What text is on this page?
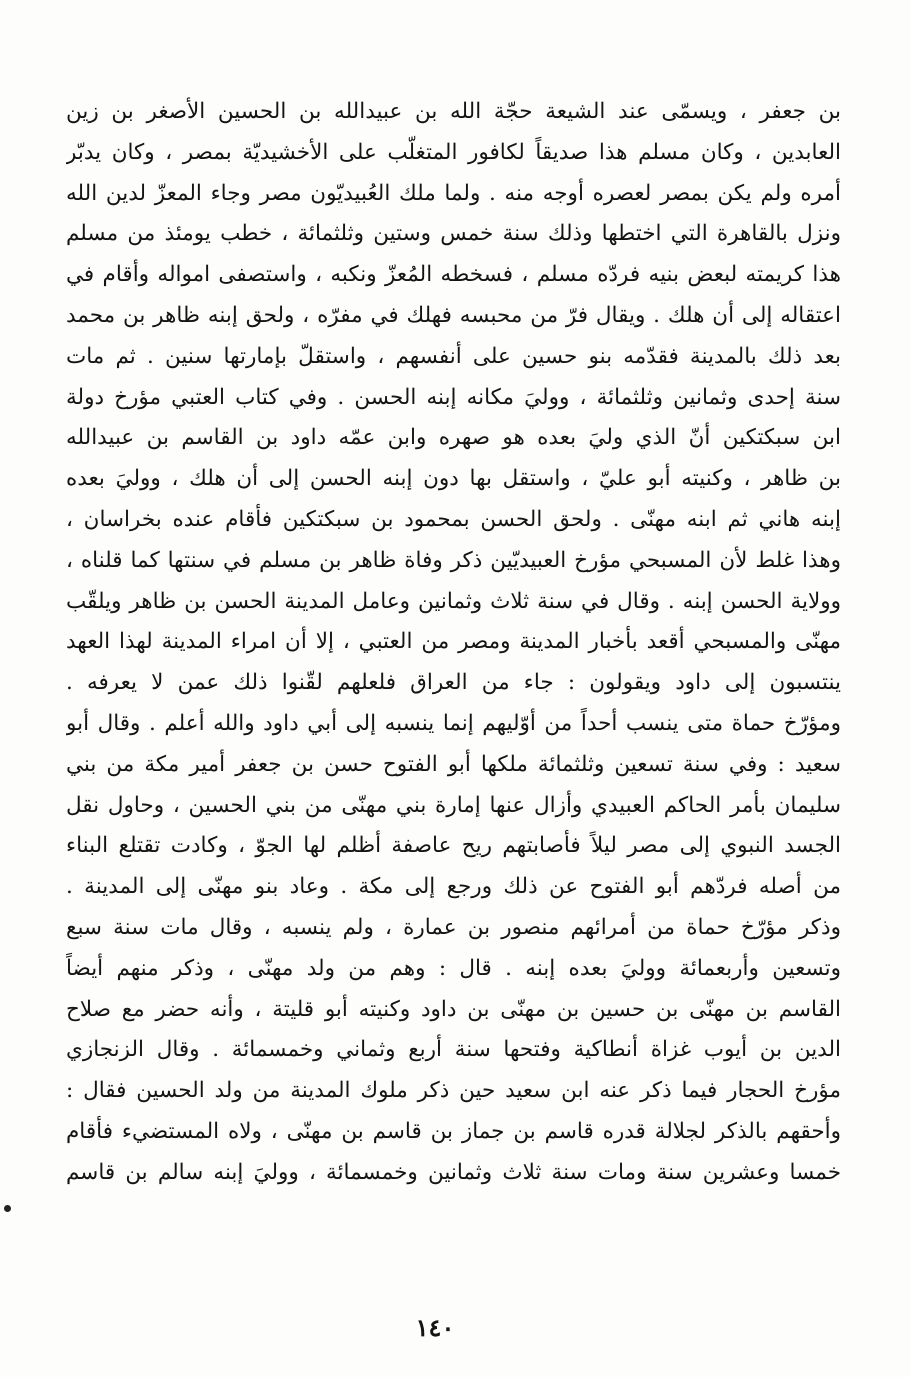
بن جعفر ، ويسمّى عند الشيعة حجّة الله بن عبيدالله بن الحسين الأصغر بن زين
العابدين ، وكان مسلم هذا صديقاً لكافور المتغلّب على الأخشيديّة بمصر ، وكان يدبّر
أمره ولم يكن بمصر لعصره أوجه منه . ولما ملك العُبيديّون مصر وجاء المعزّ لدين الله
ونزل بالقاهرة التي اختطها وذلك سنة خمس وستين وثلثمائة ، خطب يومئذ من مسلم
هذا كريمته لبعض بنيه فردّه مسلم ، فسخطه المُعزّ ونكبه ، واستصفى امواله وأقام في
اعتقاله إلى أن هلك . ويقال فرّ من محبسه فهلك في مفرّه ، ولحق إبنه ظاهر بن محمد
بعد ذلك بالمدينة فقدّمه بنو حسين على أنفسهم ، واستقلّ بإمارتها سنين . ثم مات
سنة إحدى وثمانين وثلثمائة ، ووليَ مكانه إبنه الحسن . وفي كتاب العتبي مؤرخ دولة
ابن سبكتكين أنّ الذي وليَ بعده هو صهره وابن عمّه داود بن القاسم بن عبيدالله
بن ظاهر ، وكنيته أبو عليّ ، واستقل بها دون إبنه الحسن إلى أن هلك ، ووليَ بعده
إبنه هاني ثم ابنه مهنّى . ولحق الحسن بمحمود بن سبكتكين فأقام عنده بخراسان ،
وهذا غلط لأن المسبحي مؤرخ العبيديّين ذكر وفاة ظاهر بن مسلم في سنتها كما قلناه ،
وولاية الحسن إبنه . وقال في سنة ثلاث وثمانين وعامل المدينة الحسن بن ظاهر ويلقّب
مهنّى والمسبحي أقعد بأخبار المدينة ومصر من العتبي ، إلا أن امراء المدينة لهذا العهد
ينتسبون إلى داود ويقولون : جاء من العراق فلعلهم لقّنوا ذلك عمن لا يعرفه .
ومؤرّخ حماة متى ينسب أحداً من أوّليهم إنما ينسبه إلى أبي داود والله أعلم . وقال أبو
سعيد : وفي سنة تسعين وثلثمائة ملكها أبو الفتوح حسن بن جعفر أمير مكة من بني
سليمان بأمر الحاكم العبيدي وأزال عنها إمارة بني مهنّى من بني الحسين ، وحاول نقل
الجسد النبوي إلى مصر ليلاً فأصابتهم ريح عاصفة أظلم لها الجوّ ، وكادت تقتلع البناء
من أصله فردّهم أبو الفتوح عن ذلك ورجع إلى مكة . وعاد بنو مهنّى إلى المدينة .
وذكر مؤرّخ حماة من أمرائهم منصور بن عمارة ، ولم ينسبه ، وقال مات سنة سبع
وتسعين وأربعمائة ووليَ بعده إبنه . قال : وهم من ولد مهنّى ، وذكر منهم أيضاً
القاسم بن مهنّى بن حسين بن مهنّى بن داود وكنيته أبو قليتة ، وأنه حضر مع صلاح
الدين بن أيوب غزاة أنطاكية وفتحها سنة أربع وثماني وخمسمائة . وقال الزنجازي
مؤرخ الحجار فيما ذكر عنه ابن سعيد حين ذكر ملوك المدينة من ولد الحسين فقال :
وأحقهم بالذكر لجلالة قدره قاسم بن جماز بن قاسم بن مهنّى ، ولاه المستضيء فأقام
خمسا وعشرين سنة ومات سنة ثلاث وثمانين وخمسمائة ، ووليَ إبنه سالم بن قاسم
١٤٠
